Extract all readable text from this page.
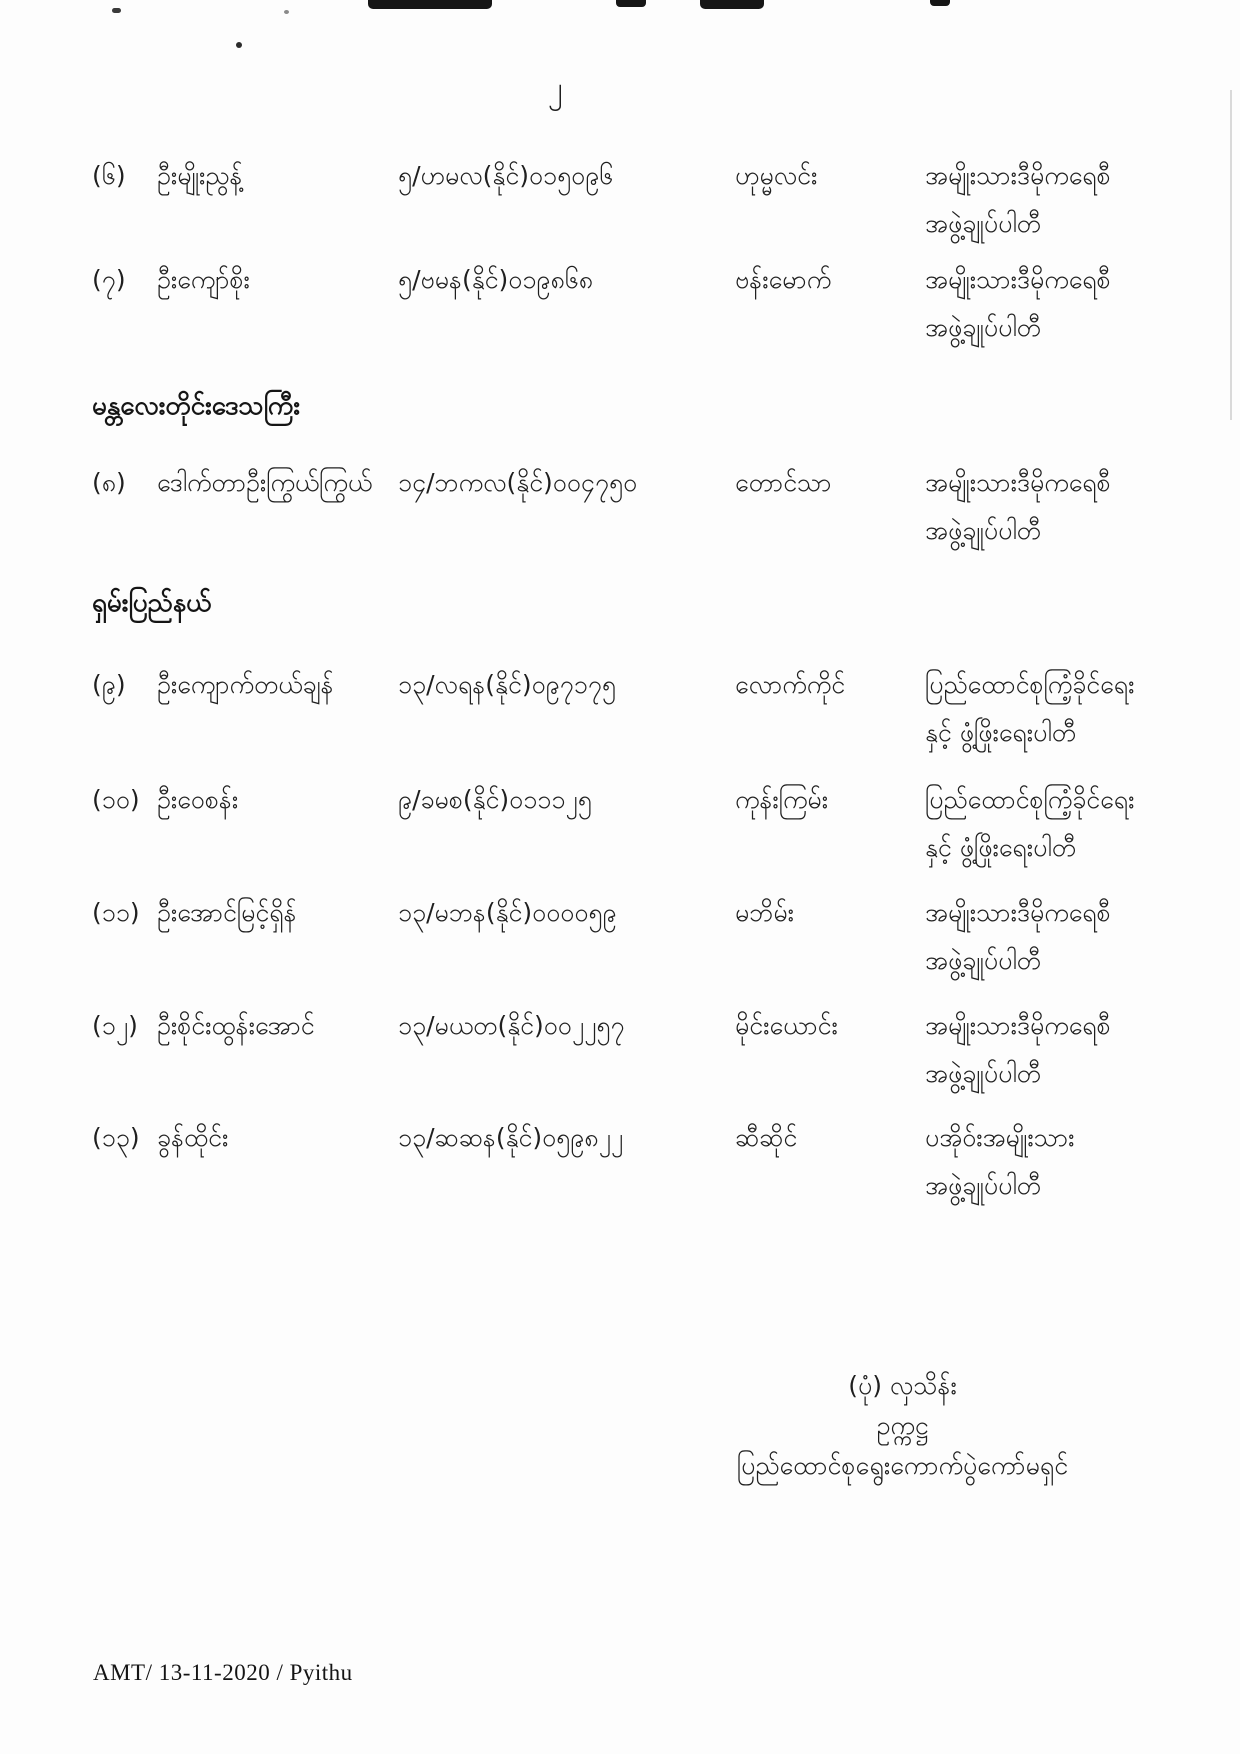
၂
(၆) ဦးမျိုးညွန့်	၅/ဟမလ(နိုင်)၀၁၅၀၉၆	ဟုမ္မလင်း	အမျိုးသားဒီမိုကရေစီ
အဖွဲ့ချုပ်ပါတီ
(၇) ဦးကျော်စိုး	၅/ဗမန(နိုင်)၀၁၉၈၆၈	ဗန်းမောက်	အမျိုးသားဒီမိုကရေစီ
အဖွဲ့ချုပ်ပါတီ
မန္တလေးတိုင်းဒေသကြီး
(၈) ဒေါက်တာဦးကြွယ်ကြွယ် ၁၄/ဘကလ(နိုင်)၀၀၄၇၅၀	တောင်သာ	အမျိုးသားဒီမိုကရေစီ
အဖွဲ့ချုပ်ပါတီ
ရှမ်းပြည်နယ်
(၉) ဦးကျောက်တယ်ချန်	၁၃/လရန(နိုင်)၀၉၇၁၇၅	လောက်ကိုင်	ပြည်ထောင်စုကြံ့ခိုင်ရေး
နှင့် ဖွံ့ဖြိုးရေးပါတီ
(၁၀) ဦးဝေစန်း	၉/ခမစ(နိုင်)၀၁၁၁၂၅	ကုန်းကြမ်း	ပြည်ထောင်စုကြံ့ခိုင်ရေး
နှင့် ဖွံ့ဖြိုးရေးပါတီ
(၁၁) ဦးအောင်မြင့်ရှိန်	၁၃/မဘန(နိုင်)၀၀၀၀၅၉	မဘိမ်း	အမျိုးသားဒီမိုကရေစီ
အဖွဲ့ချုပ်ပါတီ
(၁၂) ဦးစိုင်းထွန်းအောင်	၁၃/မယတ(နိုင်)၀၀၂၂၅၇	မိုင်းယောင်း	အမျိုးသားဒီမိုကရေစီ
အဖွဲ့ချုပ်ပါတီ
(၁၃) ခွန်ထိုင်း	၁၃/ဆဆန(နိုင်)၀၅၉၈၂၂	ဆီဆိုင်	ပအိုဝ်းအမျိုးသား
အဖွဲ့ချုပ်ပါတီ
(ပုံ) လှသိန်း
ဥက္ကဋ္ဌ
ပြည်ထောင်စုရွေးကောက်ပွဲကော်မရှင်
AMT/ 13-11-2020 / Pyithu
